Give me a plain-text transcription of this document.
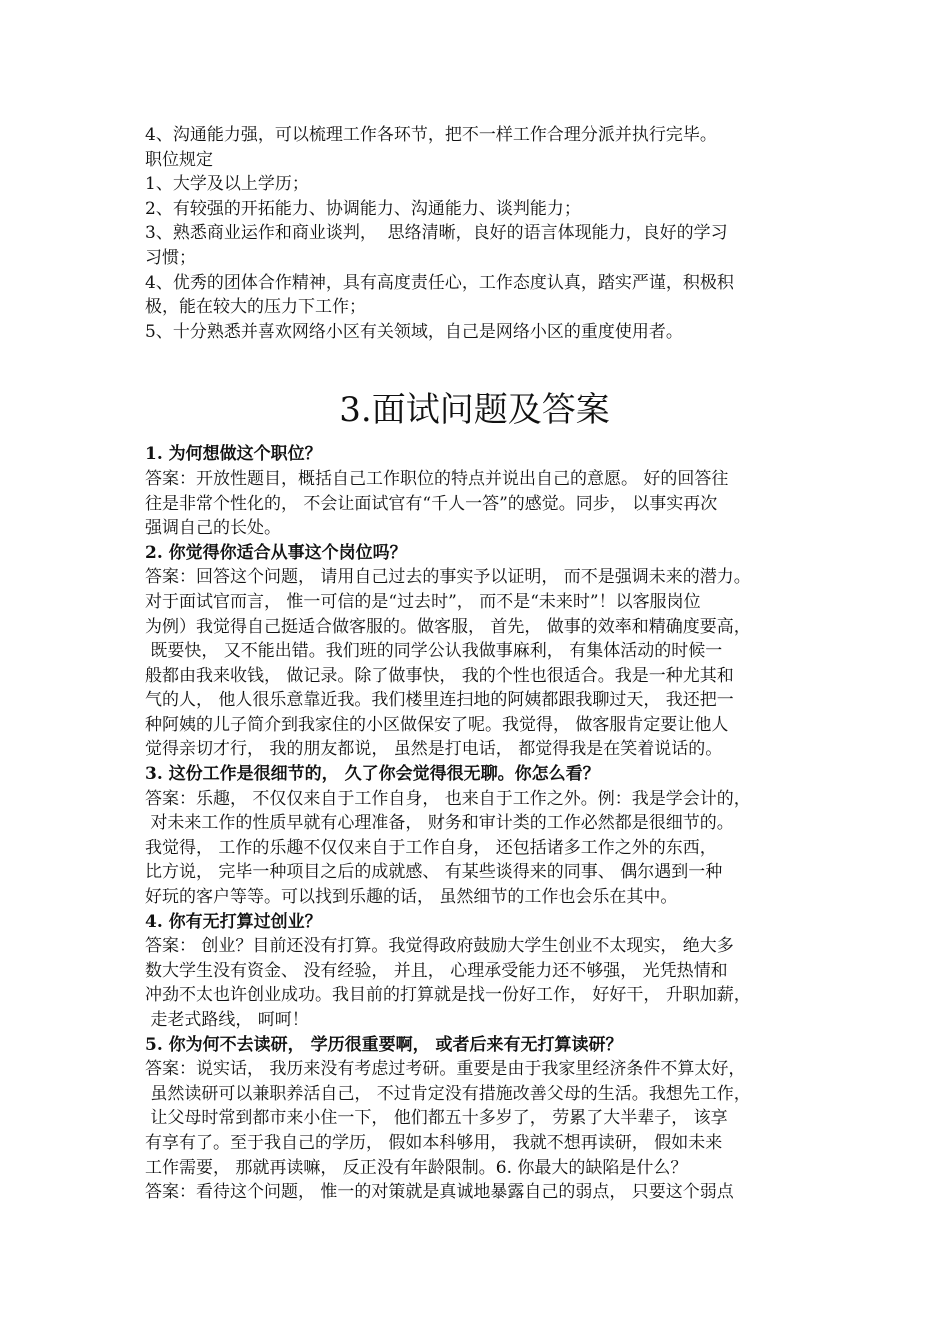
4、沟通能力强，可以梳理工作各环节，把不一样工作合理分派并执行完毕。

职位规定

1、大学及以上学历；

2、有较强的开拓能力、协调能力、沟通能力、谈判能力；

3、熟悉商业运作和商业谈判，  思络清晰，良好的语言体现能力，良好的学习

习惯；

4、优秀的团体合作精神，具有高度责任心，工作态度认真，踏实严谨，积极积

极，能在较大的压力下工作；

5、十分熟悉并喜欢网络小区有关领域，自己是网络小区的重度使用者。

3.面试问题及答案

1. 为何想做这个职位？

答案：开放性题目，概括自己工作职位的特点并说出自己的意愿。 好的回答往

往是非常个性化的， 不会让面试官有“千人一答”的感觉。同步， 以事实再次

强调自己的长处。

2. 你觉得你适合从事这个岗位吗？

答案：回答这个问题， 请用自己过去的事实予以证明， 而不是强调未来的潜力。

对于面试官而言， 惟一可信的是“过去时”， 而不是“未来时”！以客服岗位

为例）我觉得自己挺适合做客服的。做客服， 首先， 做事的效率和精确度要高，

既要快， 又不能出错。我们班的同学公认我做事麻利， 有集体活动的时候一

般都由我来收钱， 做记录。除了做事快， 我的个性也很适合。我是一种尤其和

气的人， 他人很乐意靠近我。我们楼里连扫地的阿姨都跟我聊过天， 我还把一

种阿姨的儿子简介到我家住的小区做保安了呢。我觉得， 做客服肯定要让他人

觉得亲切才行， 我的朋友都说， 虽然是打电话， 都觉得我是在笑着说话的。

3. 这份工作是很细节的， 久了你会觉得很无聊。你怎么看？

答案：乐趣， 不仅仅来自于工作自身， 也来自于工作之外。例：我是学会计的，

对未来工作的性质早就有心理准备， 财务和审计类的工作必然都是很细节的。

我觉得， 工作的乐趣不仅仅来自于工作自身， 还包括诸多工作之外的东西，

比方说， 完毕一种项目之后的成就感、 有某些谈得来的同事、 偶尔遇到一种

好玩的客户等等。可以找到乐趣的话， 虽然细节的工作也会乐在其中。

4. 你有无打算过创业？

答案： 创业？目前还没有打算。我觉得政府鼓励大学生创业不太现实， 绝大多

数大学生没有资金、 没有经验， 并且， 心理承受能力还不够强， 光凭热情和

冲劲不太也许创业成功。我目前的打算就是找一份好工作， 好好干， 升职加薪，

走老式路线， 呵呵！

5. 你为何不去读研， 学历很重要啊， 或者后来有无打算读研？

答案：说实话， 我历来没有考虑过考研。重要是由于我家里经济条件不算太好，

虽然读研可以兼职养活自己， 不过肯定没有措施改善父母的生活。我想先工作，

让父母时常到都市来小住一下， 他们都五十多岁了， 劳累了大半辈子， 该享

有享有了。至于我自己的学历， 假如本科够用， 我就不想再读研， 假如未来

工作需要， 那就再读嘛， 反正没有年龄限制。6. 你最大的缺陷是什么？

答案：看待这个问题， 惟一的对策就是真诚地暴露自己的弱点， 只要这个弱点
